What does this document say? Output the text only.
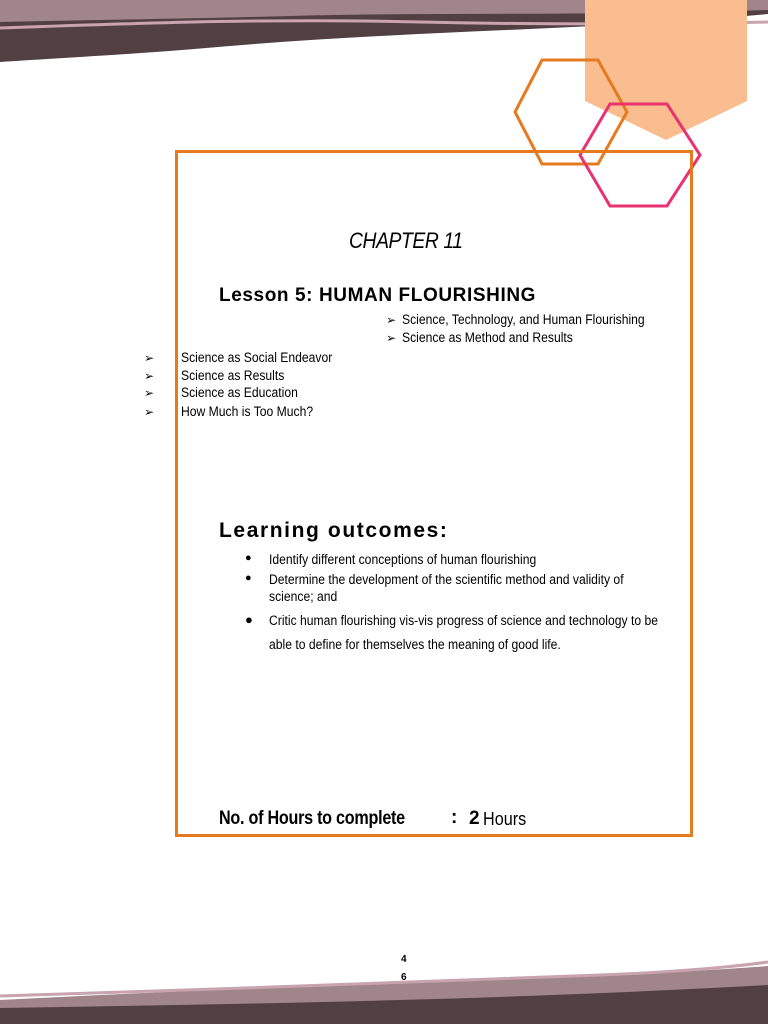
CHAPTER 11
Lesson 5: HUMAN FLOURISHING
➢ Science, Technology, and Human Flourishing
➢ Science as Method and Results
➢ Science as Social Endeavor
➢ Science as Results
➢ Science as Education
➢ How Much is Too Much?
Learning outcomes:
● Identify different conceptions of human flourishing
● Determine the development of the scientific method and validity of
science; and
● Critic human flourishing vis-vis progress of science and technology to be
able to define for themselves the meaning of good life.
No. of Hours to complete : 2 Hours
4
6
